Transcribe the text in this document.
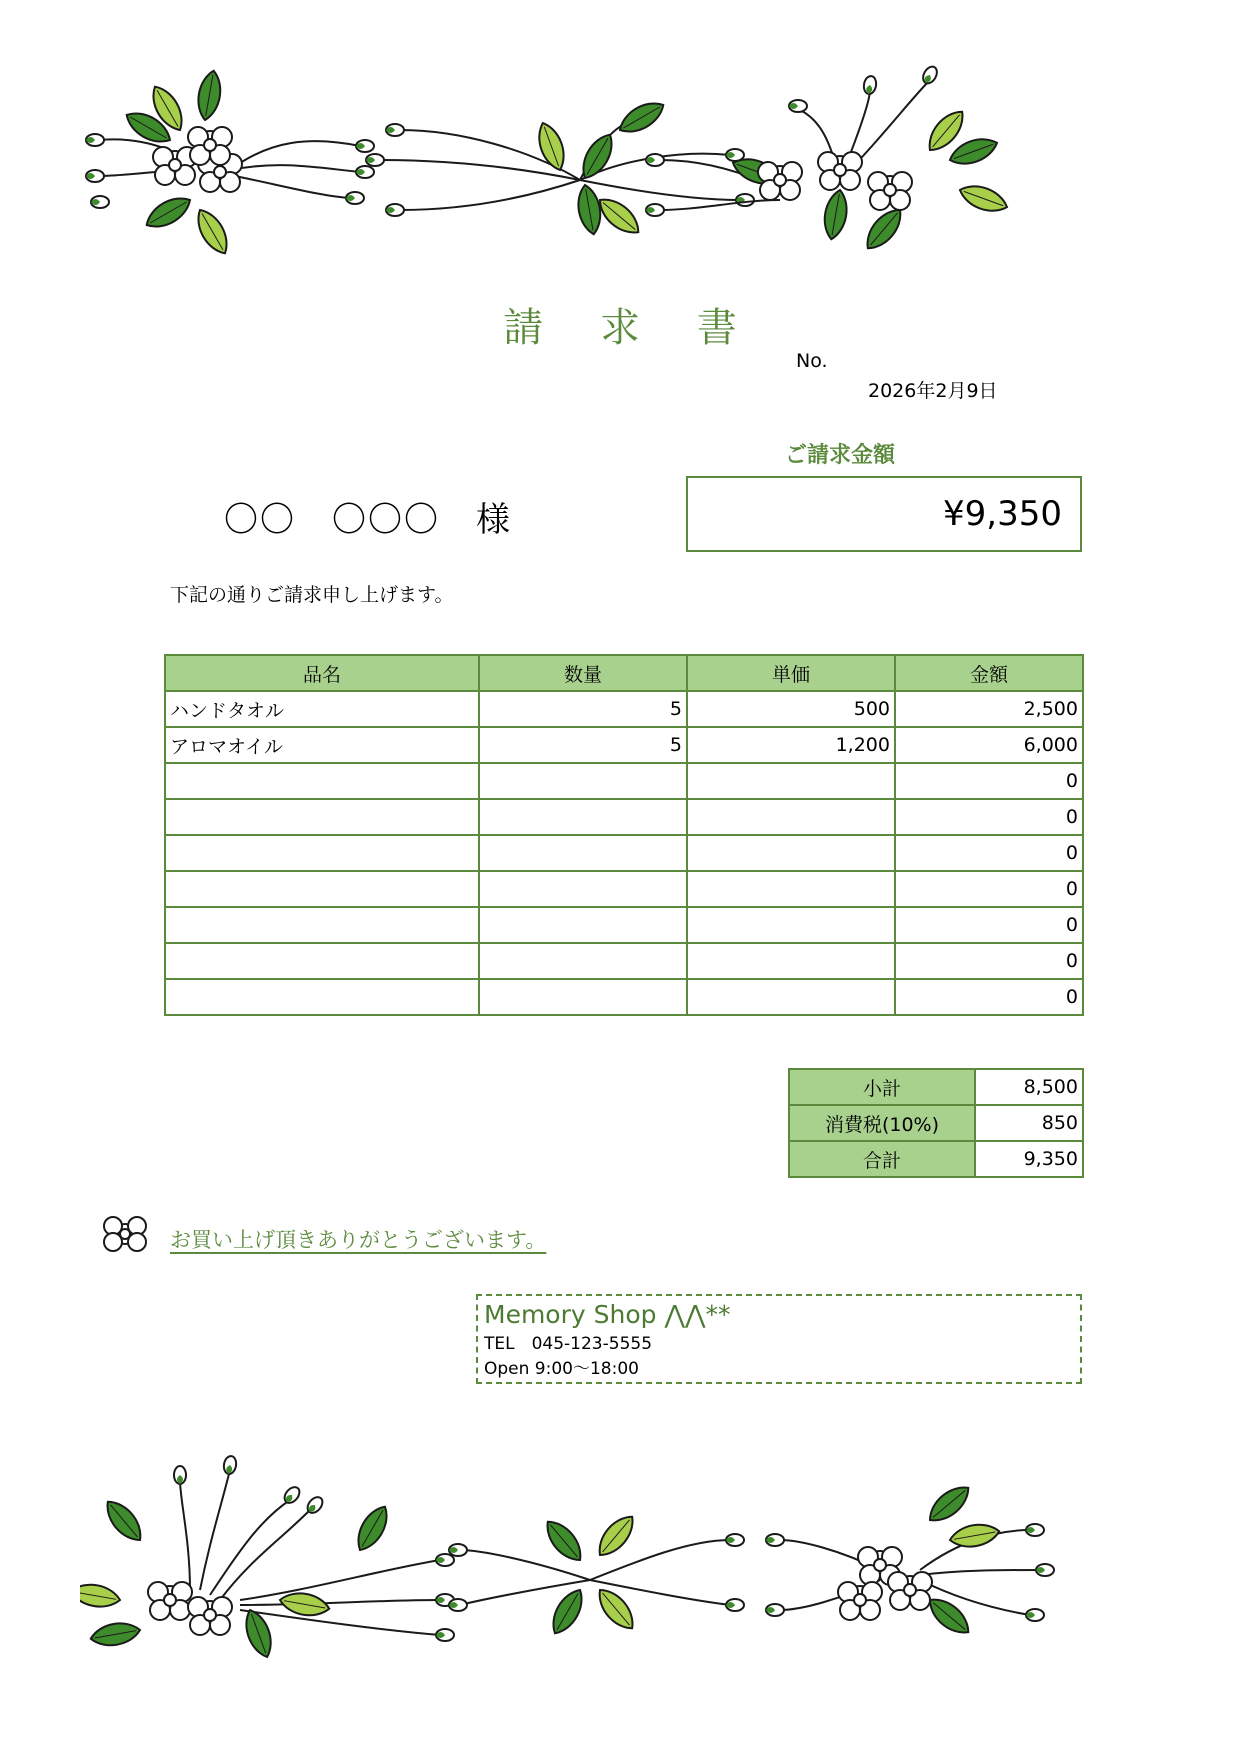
請 求 書
No.
2026年2月9日
ご請求金額
¥9,350
〇〇　〇〇〇 様
下記の通りご請求申し上げます。
品名	数量	単価	金額
ハンドタオル	5	500	2,500
アロマオイル	5	1,200	6,000
			0
			0
			0
			0
			0
			0
			0
小計	8,500
消費税(10%)	850
合計	9,350
お買い上げ頂きありがとうございます。
Memory Shop ⋀⋀**
TEL　045-123-5555
Open 9:00〜18:00
